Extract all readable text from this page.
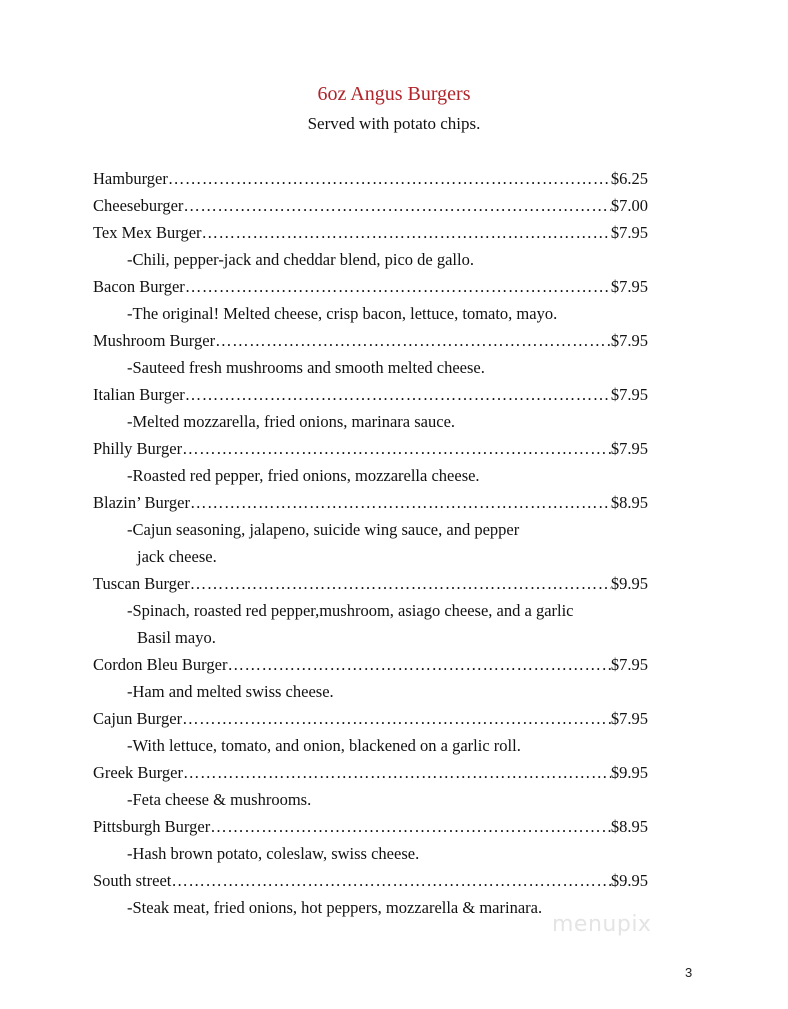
6oz Angus Burgers
Served with potato chips.
Hamburger ……………………………………………………………………………………………………………………	$6.25
Cheeseburger ……………………………………………………………………………………………………………………	$7.00
Tex Mex Burger ……………………………………………………………………………………………………………………	$7.95
-Chili, pepper-jack and cheddar blend, pico de gallo.
Bacon Burger ……………………………………………………………………………………………………………………	$7.95
-The original! Melted cheese, crisp bacon, lettuce, tomato, mayo.
Mushroom Burger ……………………………………………………………………………………………………………………	$7.95
-Sauteed fresh mushrooms and smooth melted cheese.
Italian Burger ……………………………………………………………………………………………………………………	$7.95
-Melted mozzarella, fried onions, marinara sauce.
Philly Burger ……………………………………………………………………………………………………………………	$7.95
-Roasted red pepper, fried onions, mozzarella cheese.
Blazin’ Burger ……………………………………………………………………………………………………………………	$8.95
-Cajun seasoning, jalapeno, suicide wing sauce, and pepper
jack cheese.
Tuscan Burger ……………………………………………………………………………………………………………………	$9.95
-Spinach, roasted red pepper,mushroom, asiago cheese, and a garlic
Basil mayo.
Cordon Bleu Burger ……………………………………………………………………………………………………………………	$7.95
-Ham and melted swiss cheese.
Cajun Burger ……………………………………………………………………………………………………………………	$7.95
-With lettuce, tomato, and onion, blackened on a garlic roll.
Greek Burger ……………………………………………………………………………………………………………………	$9.95
-Feta cheese & mushrooms.
Pittsburgh Burger ……………………………………………………………………………………………………………………	$8.95
-Hash brown potato, coleslaw, swiss cheese.
South street ……………………………………………………………………………………………………………………	$9.95
-Steak meat, fried onions, hot peppers, mozzarella & marinara.
menupix
3
